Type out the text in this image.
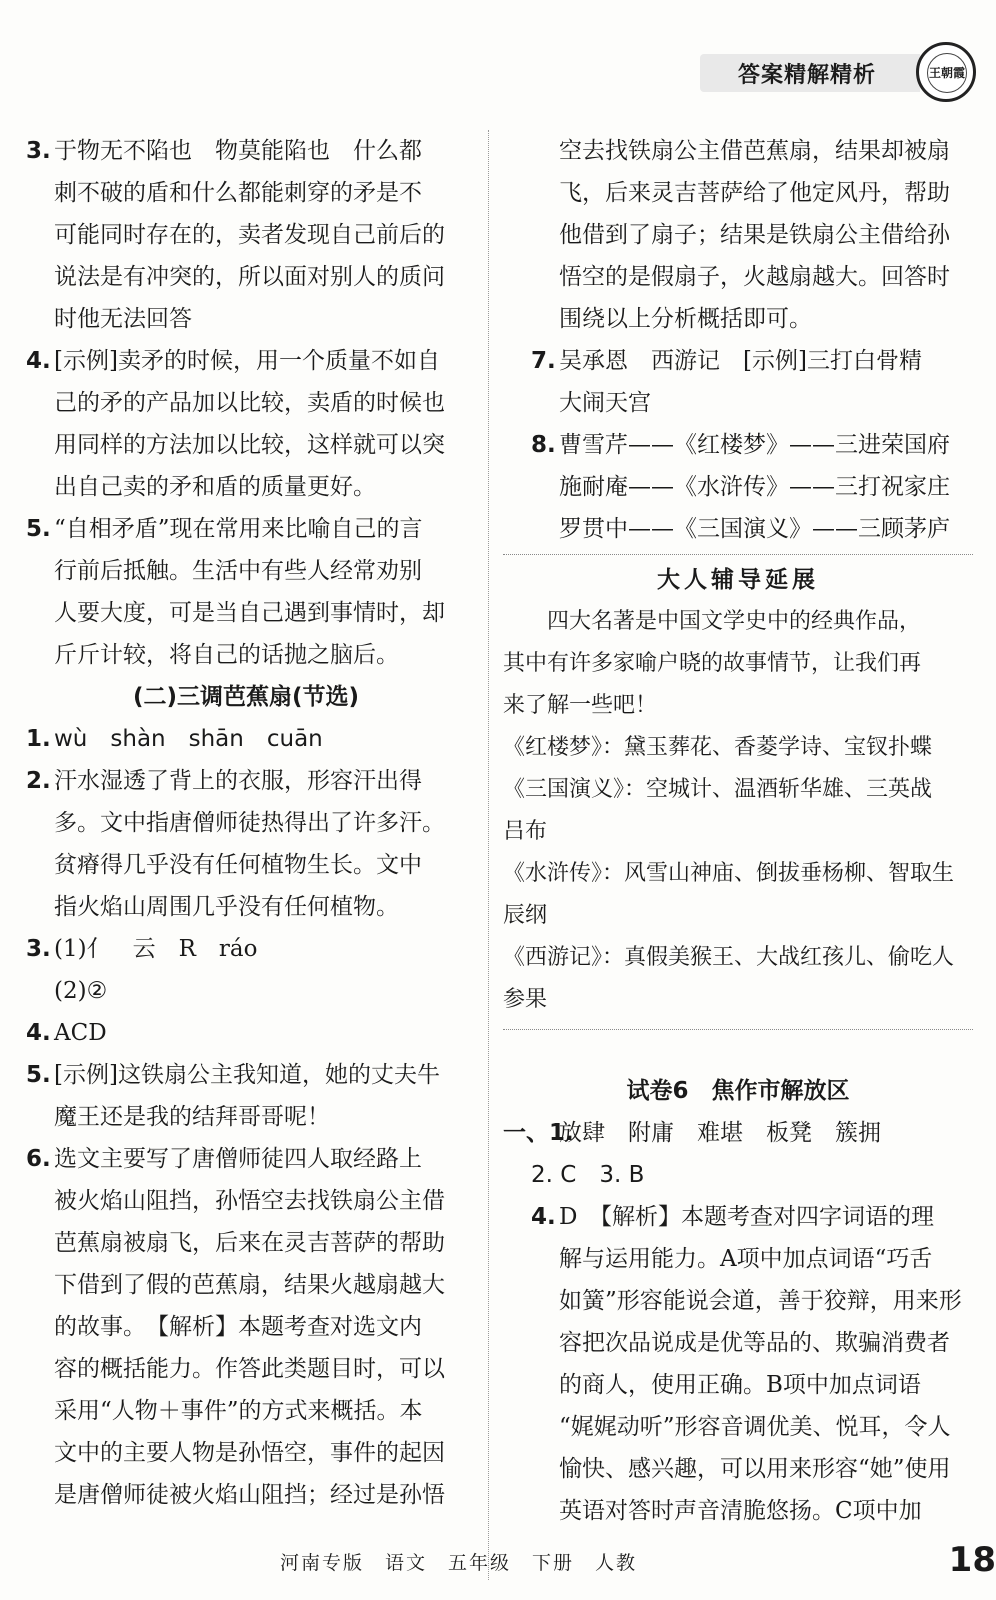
答案精解精析	王朝霞
3. 于物无不陷也　物莫能陷也　什么都
刺不破的盾和什么都能刺穿的矛是不
可能同时存在的，卖者发现自己前后的
说法是有冲突的，所以面对别人的质问
时他无法回答
4. [示例]卖矛的时候，用一个质量不如自
己的矛的产品加以比较，卖盾的时候也
用同样的方法加以比较，这样就可以突
出自己卖的矛和盾的质量更好。
5. “自相矛盾”现在常用来比喻自己的言
行前后抵触。生活中有些人经常劝别
人要大度，可是当自己遇到事情时，却
斤斤计较，将自己的话抛之脑后。
(二)三调芭蕉扇(节选)
1. wù　shàn　shān　cuān
2. 汗水湿透了背上的衣服，形容汗出得
多。文中指唐僧师徒热得出了许多汗。
贫瘠得几乎没有任何植物生长。文中
指火焰山周围几乎没有任何植物。
3. (1)亻　云　R　ráo
(2)②
4. ACD
5. [示例]这铁扇公主我知道，她的丈夫牛
魔王还是我的结拜哥哥呢！
6. 选文主要写了唐僧师徒四人取经路上
被火焰山阻挡，孙悟空去找铁扇公主借
芭蕉扇被扇飞，后来在灵吉菩萨的帮助
下借到了假的芭蕉扇，结果火越扇越大
的故事。　【解析】本题考查对选文内
容的概括能力。作答此类题目时，可以
采用“人物＋事件”的方式来概括。本
文中的主要人物是孙悟空，事件的起因
是唐僧师徒被火焰山阻挡；经过是孙悟
空去找铁扇公主借芭蕉扇，结果却被扇
飞，后来灵吉菩萨给了他定风丹，帮助
他借到了扇子；结果是铁扇公主借给孙
悟空的是假扇子，火越扇越大。回答时
围绕以上分析概括即可。
7. 吴承恩　西游记　[示例]三打白骨精
大闹天宫
8. 曹雪芹——《红楼梦》——三进荣国府
施耐庵——《水浒传》——三打祝家庄
罗贯中——《三国演义》——三顾茅庐
大人辅导延展
　　四大名著是中国文学史中的经典作品，
其中有许多家喻户晓的故事情节，让我们再
来了解一些吧！
《红楼梦》：黛玉葬花、香菱学诗、宝钗扑蝶
《三国演义》：空城计、温酒斩华雄、三英战
吕布
《水浒传》：风雪山神庙、倒拔垂杨柳、智取生
辰纲
《西游记》：真假美猴王、大战红孩儿、偷吃人
参果
试卷6　焦作市解放区
一、1.放肆　附庸　难堪　板凳　簇拥
2. C　3. B
4. D　【解析】本题考查对四字词语的理
解与运用能力。A项中加点词语“巧舌
如簧”形容能说会道，善于狡辩，用来形
容把次品说成是优等品的、欺骗消费者
的商人，使用正确。B项中加点词语
“娓娓动听”形容音调优美、悦耳，令人
愉快、感兴趣，可以用来形容“她”使用
英语对答时声音清脆悠扬。C项中加
河南专版　语文　五年级　下册　人教	18
